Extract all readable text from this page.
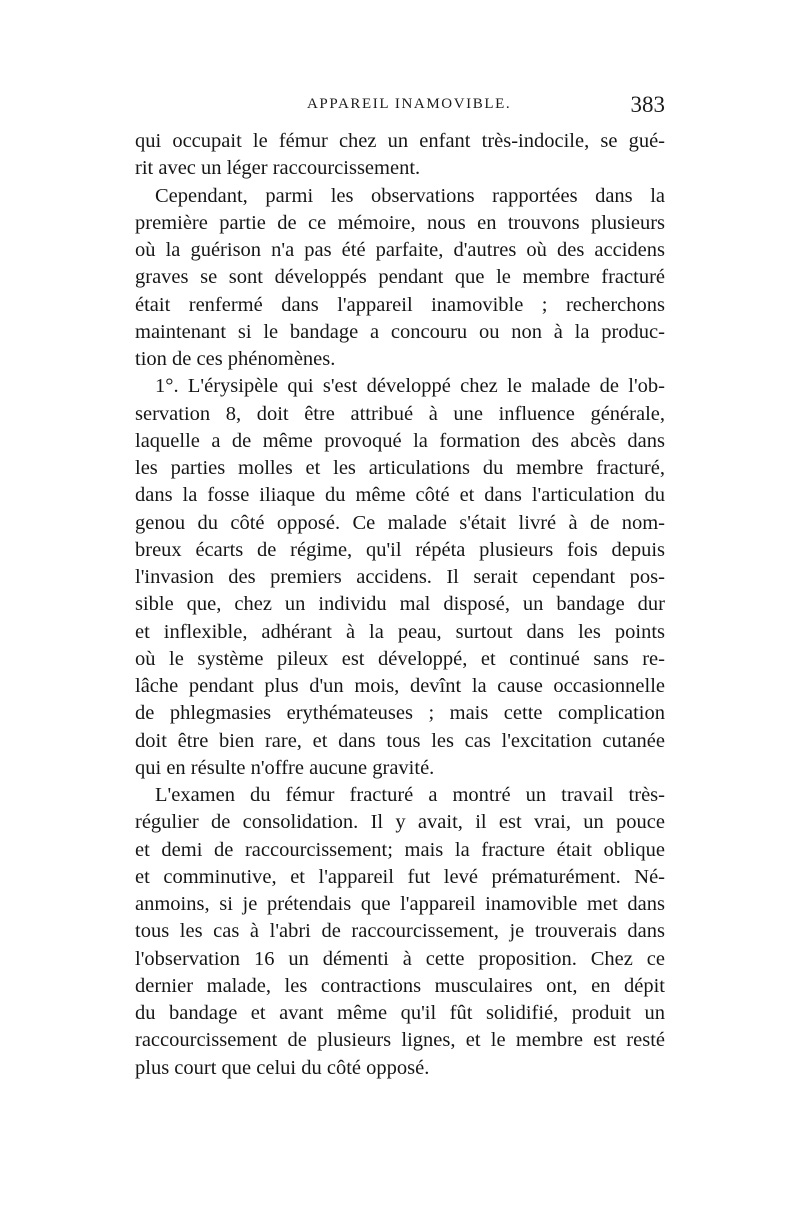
APPAREIL INAMOVIBLE.	383
qui occupait le fémur chez un enfant très-indocile, se gué-
rit avec un léger raccourcissement.
Cependant, parmi les observations rapportées dans la
première partie de ce mémoire, nous en trouvons plusieurs
où la guérison n'a pas été parfaite, d'autres où des accidens
graves se sont développés pendant que le membre fracturé
était renfermé dans l'appareil inamovible ; recherchons
maintenant si le bandage a concouru ou non à la produc-
tion de ces phénomènes.
1°. L'érysipèle qui s'est développé chez le malade de l'ob-
servation 8, doit être attribué à une influence générale,
laquelle a de même provoqué la formation des abcès dans
les parties molles et les articulations du membre fracturé,
dans la fosse iliaque du même côté et dans l'articulation du
genou du côté opposé. Ce malade s'était livré à de nom-
breux écarts de régime, qu'il répéta plusieurs fois depuis
l'invasion des premiers accidens. Il serait cependant pos-
sible que, chez un individu mal disposé, un bandage dur
et inflexible, adhérant à la peau, surtout dans les points
où le système pileux est développé, et continué sans re-
lâche pendant plus d'un mois, devînt la cause occasionnelle
de phlegmasies erythémateuses ; mais cette complication
doit être bien rare, et dans tous les cas l'excitation cutanée
qui en résulte n'offre aucune gravité.
L'examen du fémur fracturé a montré un travail très-
régulier de consolidation. Il y avait, il est vrai, un pouce
et demi de raccourcissement; mais la fracture était oblique
et comminutive, et l'appareil fut levé prématurément. Né-
anmoins, si je prétendais que l'appareil inamovible met dans
tous les cas à l'abri de raccourcissement, je trouverais dans
l'observation 16 un démenti à cette proposition. Chez ce
dernier malade, les contractions musculaires ont, en dépit
du bandage et avant même qu'il fût solidifié, produit un
raccourcissement de plusieurs lignes, et le membre est resté
plus court que celui du côté opposé.
